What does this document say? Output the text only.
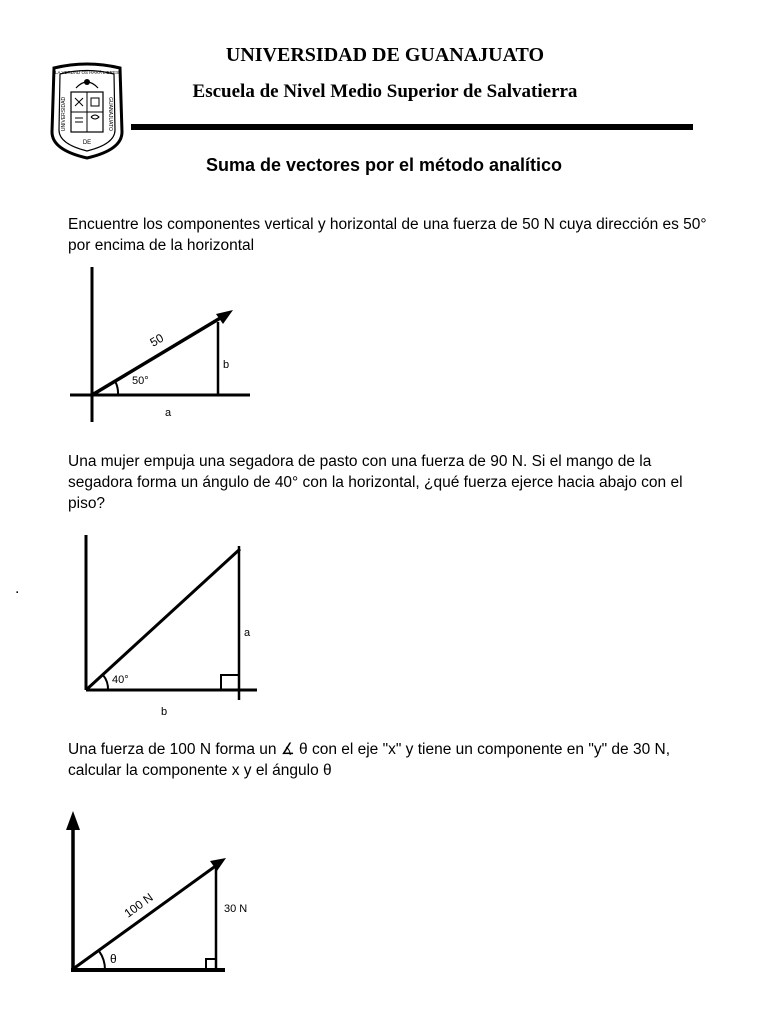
LA VERDAD OS HARÁ LIBRES
UNIVERSIDAD	GUANAJUATO
DE
UNIVERSIDAD DE GUANAJUATO
Escuela de Nivel Medio Superior de Salvatierra
Suma de vectores por el método analítico
Encuentre los componentes vertical y horizontal de una fuerza de 50 N cuya dirección es 50° por encima de la horizontal
50
50°
b
a
Una mujer empuja una segadora de pasto con una fuerza de 90 N. Si el mango de la segadora forma un ángulo de 40° con la horizontal, ¿qué fuerza ejerce hacia abajo con el piso?
.
40°
a
b
Una fuerza de 100 N forma un ∡ θ con el eje "x" y tiene un componente en "y" de 30 N, calcular la componente x y el ángulo θ
100 N
θ
30 N
